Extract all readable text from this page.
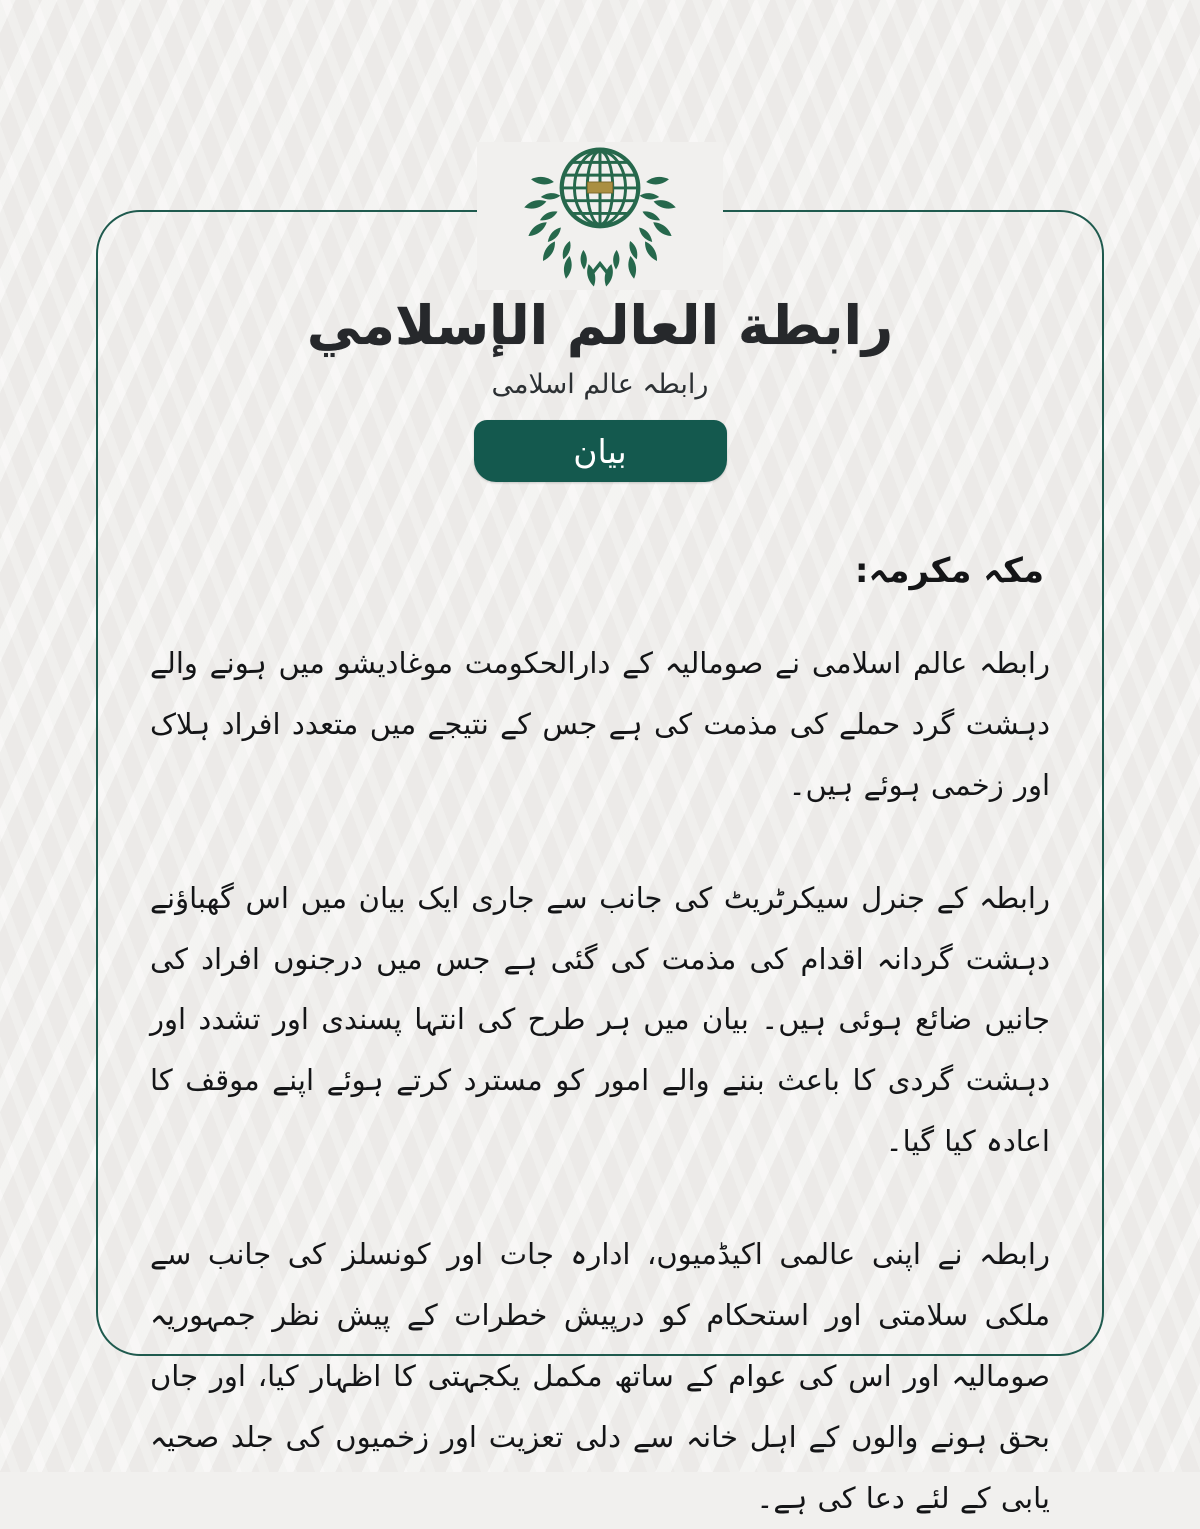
رابطة العالم الإسلامي
رابطہ عالم اسلامی
بیان
مکہ مکرمہ:

رابطہ عالم اسلامی نے صومالیہ کے دارالحکومت موغادیشو میں ہونے والے دہشت گرد حملے کی مذمت کی ہے جس کے نتیجے میں متعدد افراد ہلاک اور زخمی ہوئے ہیں۔

رابطہ کے جنرل سیکرٹریٹ کی جانب سے جاری ایک بیان میں اس گھباؤنے دہشت گردانہ اقدام کی مذمت کی گئی ہے جس میں درجنوں افراد کی جانیں ضائع ہوئی ہیں۔ بیان میں ہر طرح کی انتہا پسندی اور تشدد اور دہشت گردی کا باعث بننے والے امور کو مسترد کرتے ہوئے اپنے موقف کا اعادہ کیا گیا۔

رابطہ نے اپنی عالمی اکیڈمیوں، ادارہ جات اور کونسلز کی جانب سے ملکی سلامتی اور استحکام کو درپیش خطرات کے پیش نظر جمہوریہ صومالیہ اور اس کی عوام کے ساتھ مکمل یکجہتی کا اظہار کیا، اور جاں بحق ہونے والوں کے اہل خانہ سے دلی تعزیت اور زخمیوں کی جلد صحیہ یابی کے لئے دعا کی ہے۔
